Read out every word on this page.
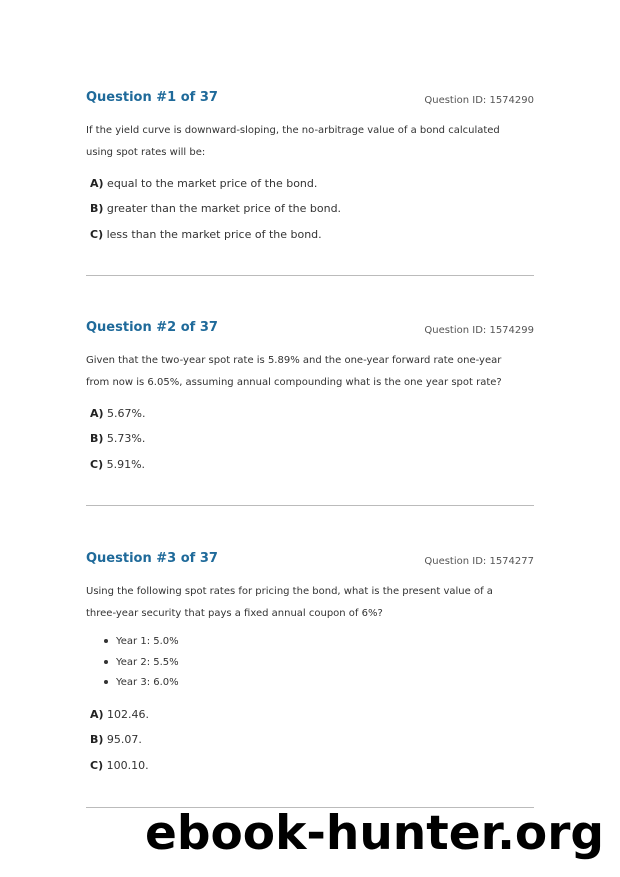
Question #1 of 37	Question ID: 1574290
If the yield curve is downward-sloping, the no-arbitrage value of a bond calculated using spot rates will be:
A) equal to the market price of the bond.
B) greater than the market price of the bond.
C) less than the market price of the bond.
Question #2 of 37	Question ID: 1574299
Given that the two-year spot rate is 5.89% and the one-year forward rate one-year from now is 6.05%, assuming annual compounding what is the one year spot rate?
A) 5.67%.
B) 5.73%.
C) 5.91%.
Question #3 of 37	Question ID: 1574277
Using the following spot rates for pricing the bond, what is the present value of a three-year security that pays a fixed annual coupon of 6%?
Year 1: 5.0%
Year 2: 5.5%
Year 3: 6.0%
A) 102.46.
B) 95.07.
C) 100.10.
ebook-hunter.org
